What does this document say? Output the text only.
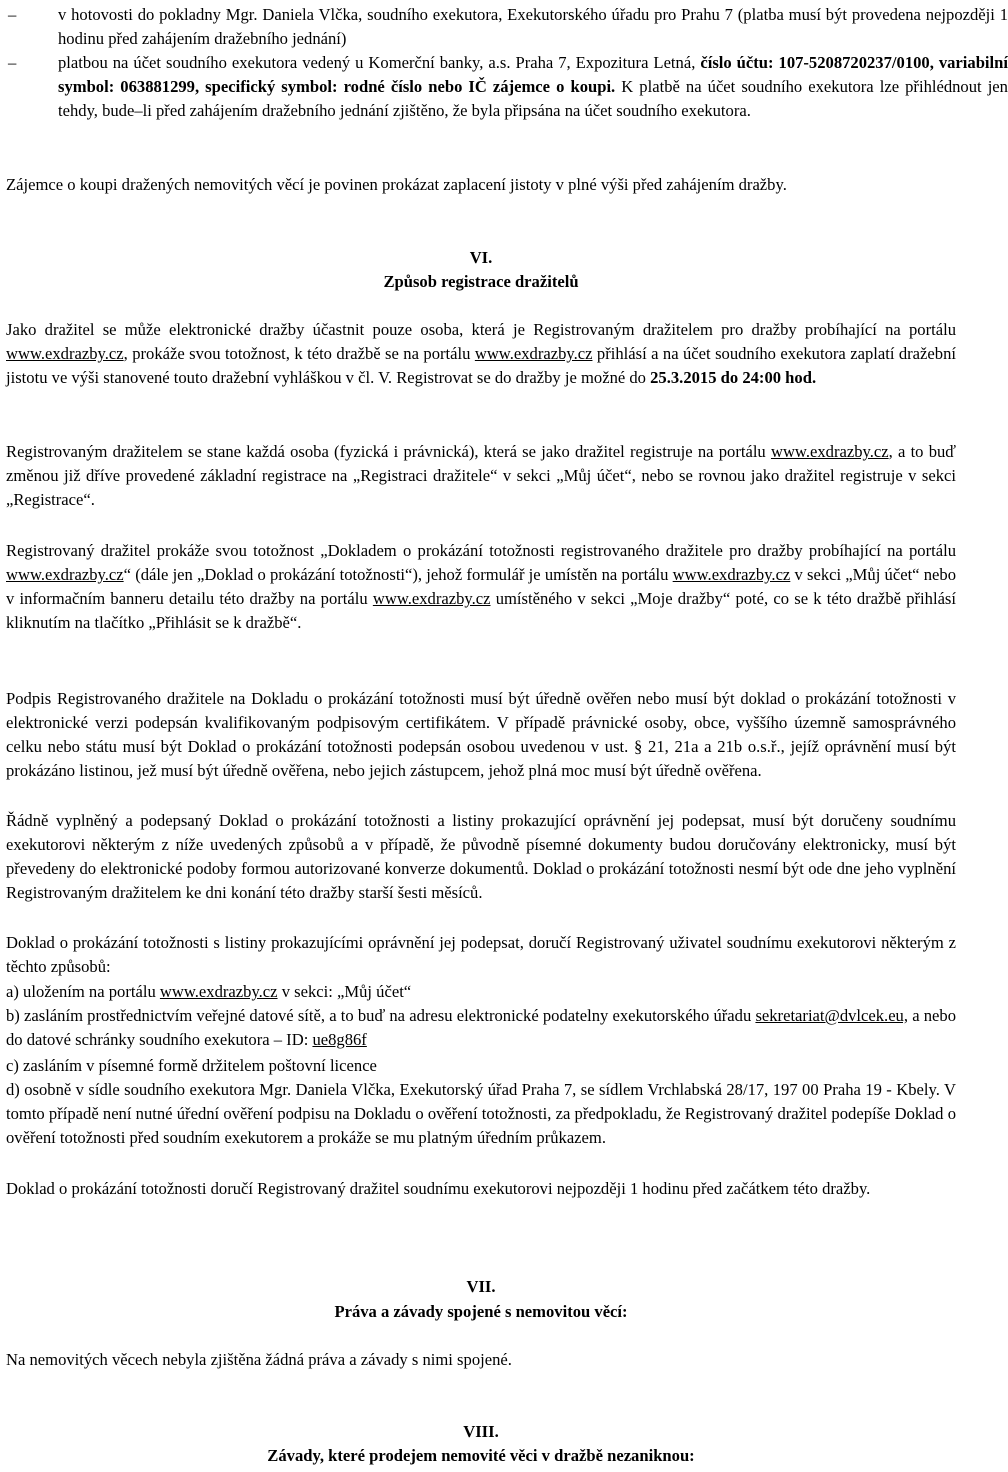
–	v hotovosti do pokladny Mgr. Daniela Vlčka, soudního exekutora, Exekutorského úřadu pro Prahu 7 (platba musí být provedena nejpozději 1 hodinu před zahájením dražebního jednání)

–	platbou na účet soudního exekutora vedený u Komerční banky, a.s. Praha 7, Expozitura Letná, číslo účtu: 107-5208720237/0100, variabilní symbol: 063881299, specifický symbol: rodné číslo nebo IČ zájemce o koupi. K platbě na účet soudního exekutora lze přihlédnout jen tehdy, bude–li před zahájením dražebního jednání zjištěno, že byla připsána na účet soudního exekutora.

Zájemce o koupi dražených nemovitých věcí je povinen prokázat zaplacení jistoty v plné výši před zahájením dražby.

VI.

Způsob registrace dražitelů

Jako dražitel se může elektronické dražby účastnit pouze osoba, která je Registrovaným dražitelem pro dražby probíhající na portálu www.exdrazby.cz, prokáže svou totožnost, k této dražbě se na portálu www.exdrazby.cz přihlásí a na účet soudního exekutora zaplatí dražební jistotu ve výši stanovené touto dražební vyhláškou v čl. V. Registrovat se do dražby je možné do 25.3.2015 do 24:00 hod.

Registrovaným dražitelem se stane každá osoba (fyzická i právnická), která se jako dražitel registruje na portálu www.exdrazby.cz, a to buď změnou již dříve provedené základní registrace na „Registraci dražitele“ v sekci „Můj účet“, nebo se rovnou jako dražitel registruje v sekci „Registrace“.

Registrovaný dražitel prokáže svou totožnost „Dokladem o prokázání totožnosti registrovaného dražitele pro dražby probíhající na portálu www.exdrazby.cz“ (dále jen „Doklad o prokázání totožnosti“), jehož formulář je umístěn na portálu www.exdrazby.cz v sekci „Můj účet“ nebo v informačním banneru detailu této dražby na portálu www.exdrazby.cz umístěného v sekci „Moje dražby“ poté, co se k této dražbě přihlásí kliknutím na tlačítko „Přihlásit se k dražbě“.

Podpis Registrovaného dražitele na Dokladu o prokázání totožnosti musí být úředně ověřen nebo musí být doklad o prokázání totožnosti v elektronické verzi podepsán kvalifikovaným podpisovým certifikátem. V případě právnické osoby, obce, vyššího územně samosprávného celku nebo státu musí být Doklad o prokázání totožnosti podepsán osobou uvedenou v ust. § 21, 21a a 21b o.s.ř., jejíž oprávnění musí být prokázáno listinou, jež musí být úředně ověřena, nebo jejich zástupcem, jehož plná moc musí být úředně ověřena.

Řádně vyplněný a podepsaný Doklad o prokázání totožnosti a listiny prokazující oprávnění jej podepsat, musí být doručeny soudnímu exekutorovi některým z níže uvedených způsobů a v případě, že původně písemné dokumenty budou doručovány elektronicky, musí být převedeny do elektronické podoby formou autorizované konverze dokumentů. Doklad o prokázání totožnosti nesmí být ode dne jeho vyplnění Registrovaným dražitelem ke dni konání této dražby starší šesti měsíců.

Doklad o prokázání totožnosti s listiny prokazujícími oprávnění jej podepsat, doručí Registrovaný uživatel soudnímu exekutorovi některým z těchto způsobů:

a) uložením na portálu www.exdrazby.cz v sekci: „Můj účet“

b) zasláním prostřednictvím veřejné datové sítě, a to buď na adresu elektronické podatelny exekutorského úřadu sekretariat@dvlcek.eu, a nebo do datové schránky soudního exekutora – ID: ue8g86f

c) zasláním v písemné formě držitelem poštovní licence

d) osobně v sídle soudního exekutora Mgr. Daniela Vlčka, Exekutorský úřad Praha 7, se sídlem Vrchlabská 28/17, 197 00 Praha 19 - Kbely. V tomto případě není nutné úřední ověření podpisu na Dokladu o ověření totožnosti, za předpokladu, že Registrovaný dražitel podepíše Doklad o ověření totožnosti před soudním exekutorem a prokáže se mu platným úředním průkazem.

Doklad o prokázání totožnosti doručí Registrovaný dražitel soudnímu exekutorovi nejpozději 1 hodinu před začátkem této dražby.

VII.

Práva a závady spojené s nemovitou věcí:

Na nemovitých věcech nebyla zjištěna žádná práva a závady s nimi spojené.

VIII.

Závady, které prodejem nemovité věci v dražbě nezaniknou:
